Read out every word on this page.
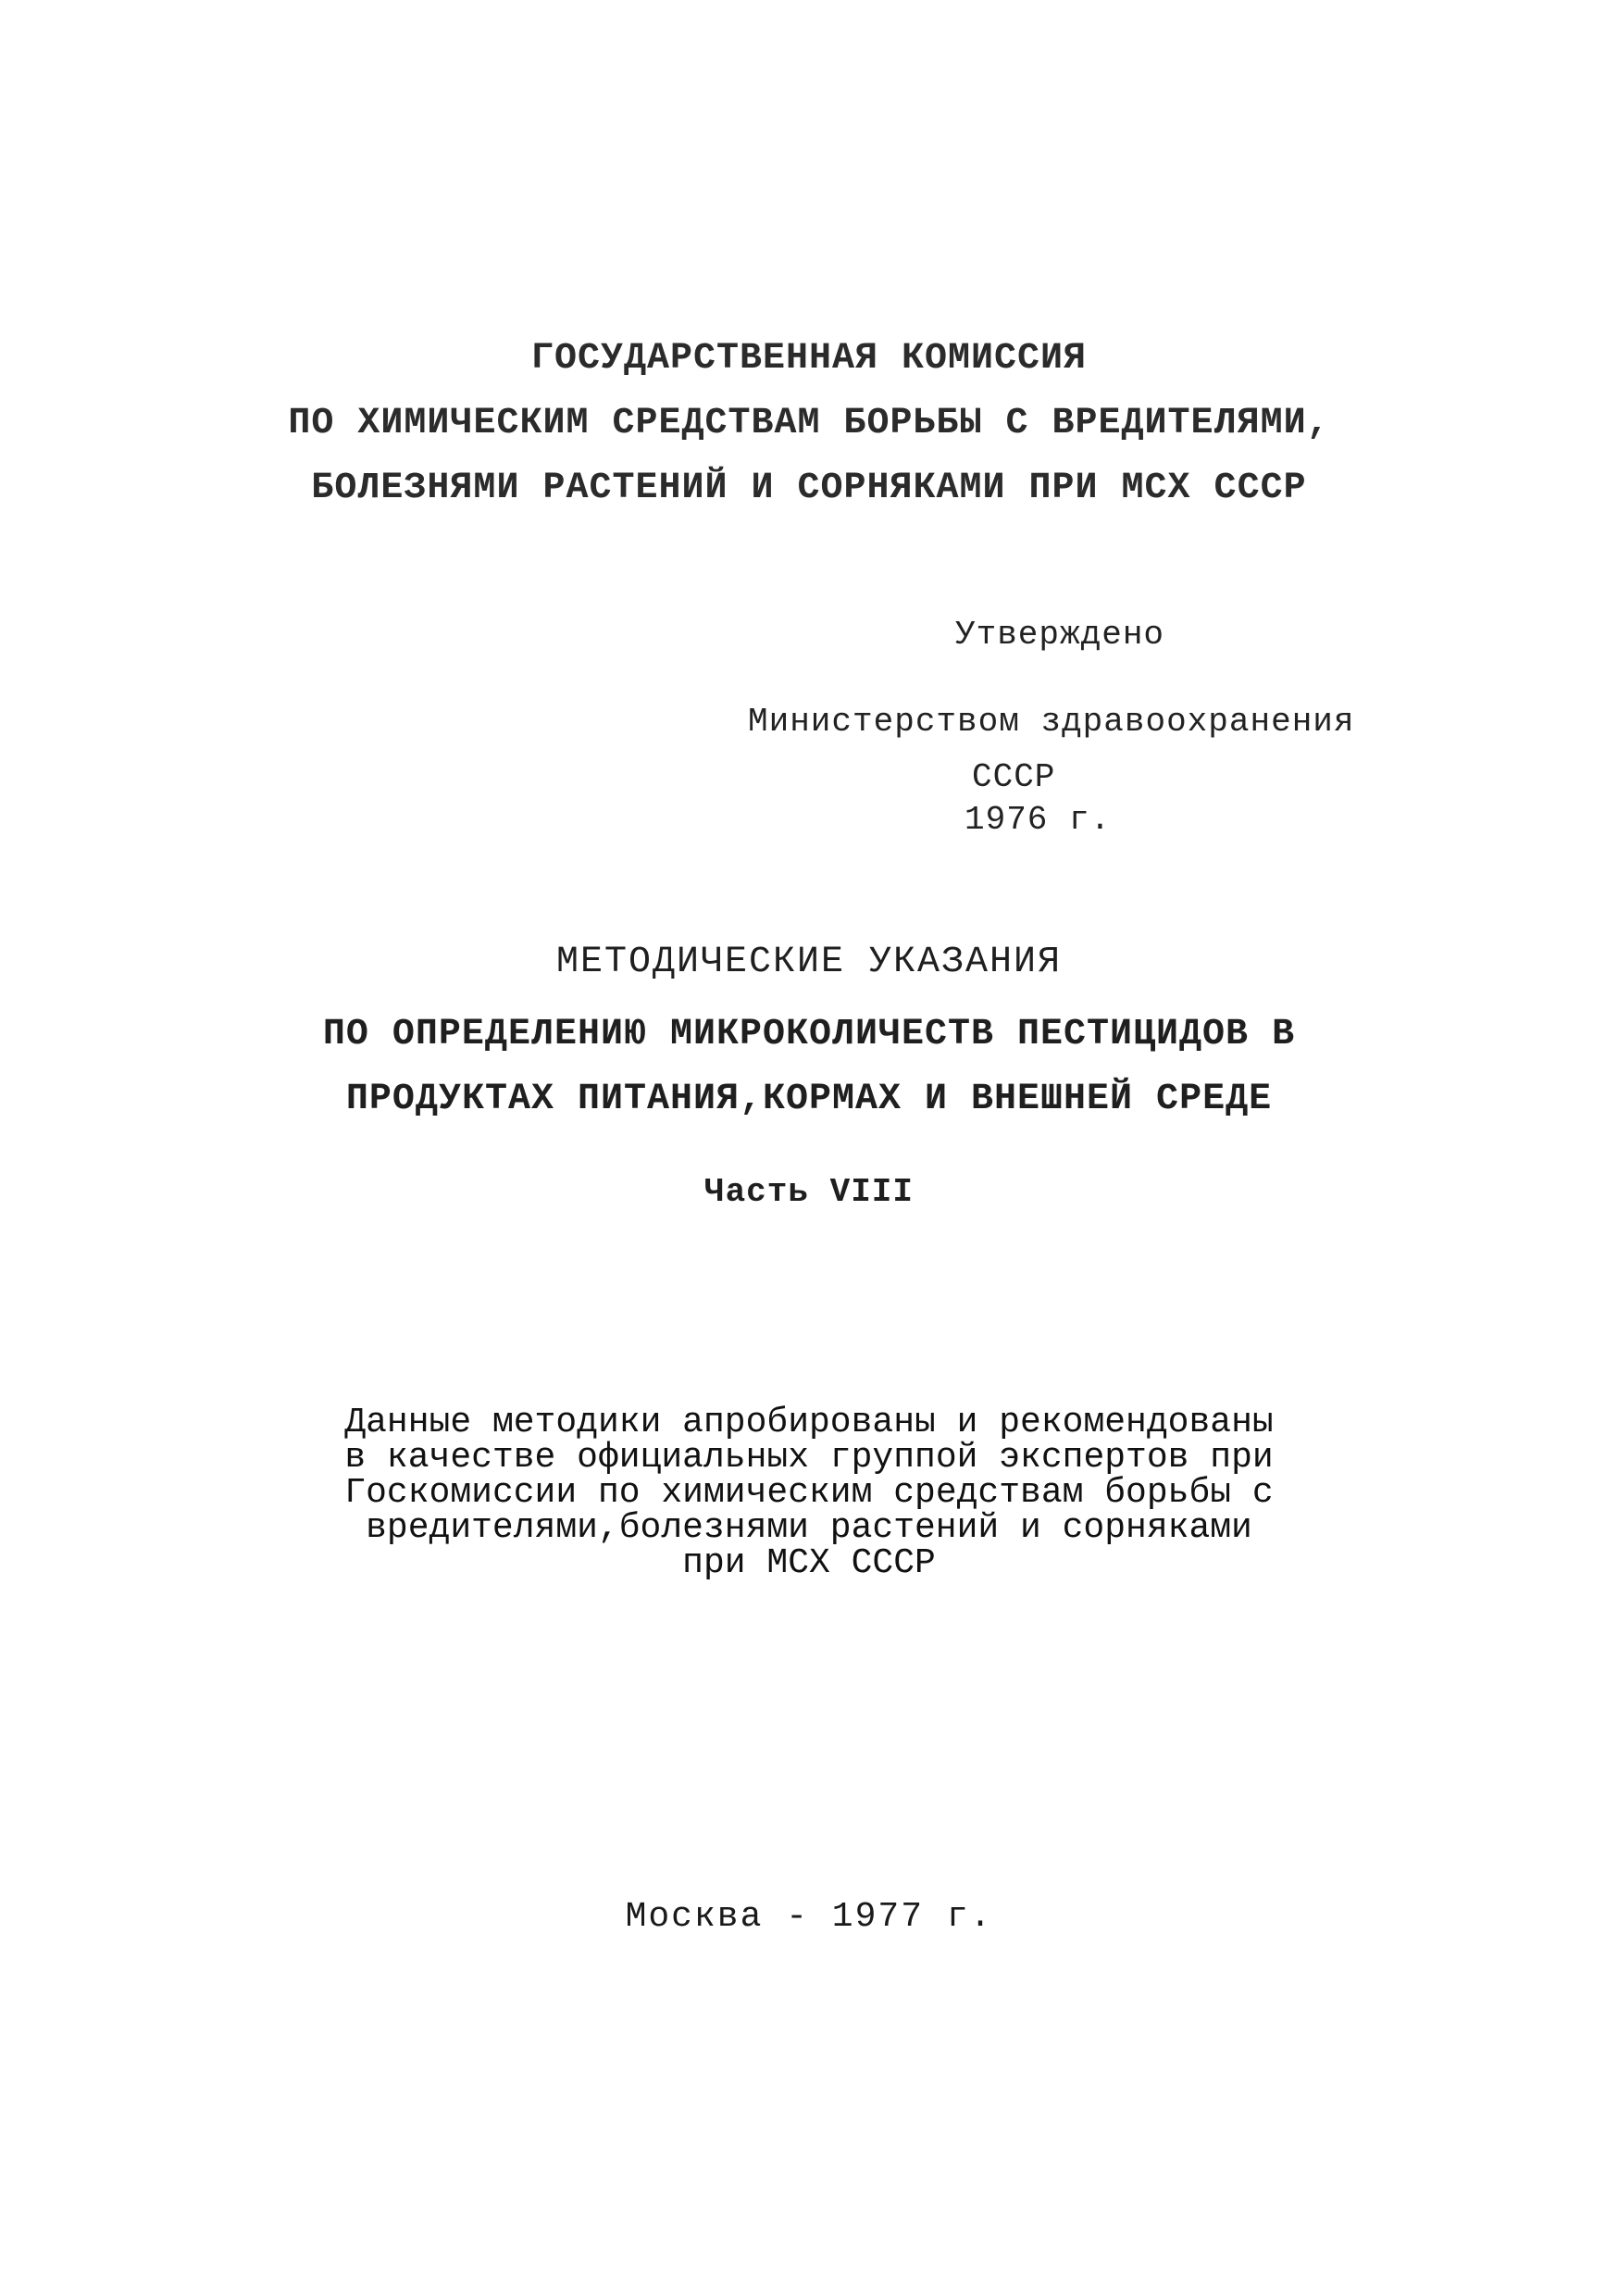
ГОСУДАРСТВЕННАЯ КОМИССИЯ
ПО ХИМИЧЕСКИМ СРЕДСТВАМ БОРЬБЫ С ВРЕДИТЕЛЯМИ,
БОЛЕЗНЯМИ РАСТЕНИЙ И СОРНЯКАМИ ПРИ МСХ СССР
Утверждено
Министерством здравоохранения
СССР
1976 г.
МЕТОДИЧЕСКИЕ УКАЗАНИЯ
ПО ОПРЕДЕЛЕНИЮ МИКРОКОЛИЧЕСТВ ПЕСТИЦИДОВ В
ПРОДУКТАХ ПИТАНИЯ,КОРМАХ И ВНЕШНЕЙ СРЕДЕ
Часть VIII
Данные методики апробированы и рекомендованы
в качестве официальных группой экспертов при
Госкомиссии по химическим средствам борьбы с
вредителями,болезнями растений и сорняками
при МСХ СССР
Москва - 1977 г.
